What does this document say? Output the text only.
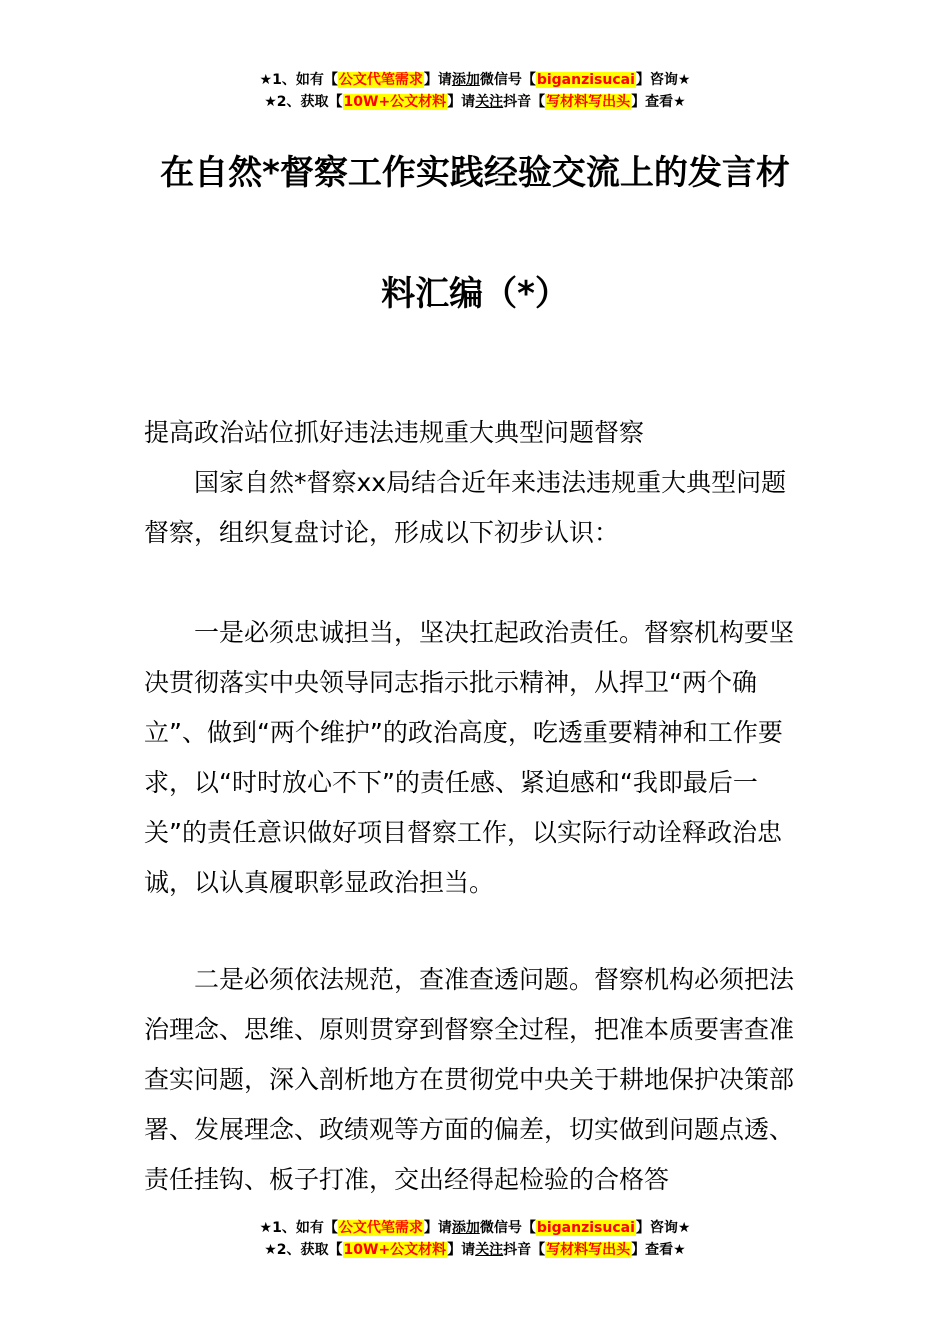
★1、如有【公文代笔需求】请添加微信号【biganzisucai】咨询★
★2、获取【10W+公文材料】请关注抖音【写材料写出头】查看★
在自然*督察工作实践经验交流上的发言材
料汇编（*）
提高政治站位抓好违法违规重大典型问题督察

国家自然*督察xx局结合近年来违法违规重大典型问题督察，组织复盘讨论，形成以下初步认识：

一是必须忠诚担当，坚决扛起政治责任。督察机构要坚决贯彻落实中央领导同志指示批示精神，从捍卫“两个确立”、做到“两个维护”的政治高度，吃透重要精神和工作要求，以“时时放心不下”的责任感、紧迫感和“我即最后一关”的责任意识做好项目督察工作，以实际行动诠释政治忠诚，以认真履职彰显政治担当。

二是必须依法规范，查准查透问题。督察机构必须把法治理念、思维、原则贯穿到督察全过程，把准本质要害查准查实问题，深入剖析地方在贯彻党中央关于耕地保护决策部署、发展理念、政绩观等方面的偏差，切实做到问题点透、责任挂钩、板子打准，交出经得起检验的合格答

★1、如有【公文代笔需求】请添加微信号【biganzisucai】咨询★
★2、获取【10W+公文材料】请关注抖音【写材料写出头】查看★
